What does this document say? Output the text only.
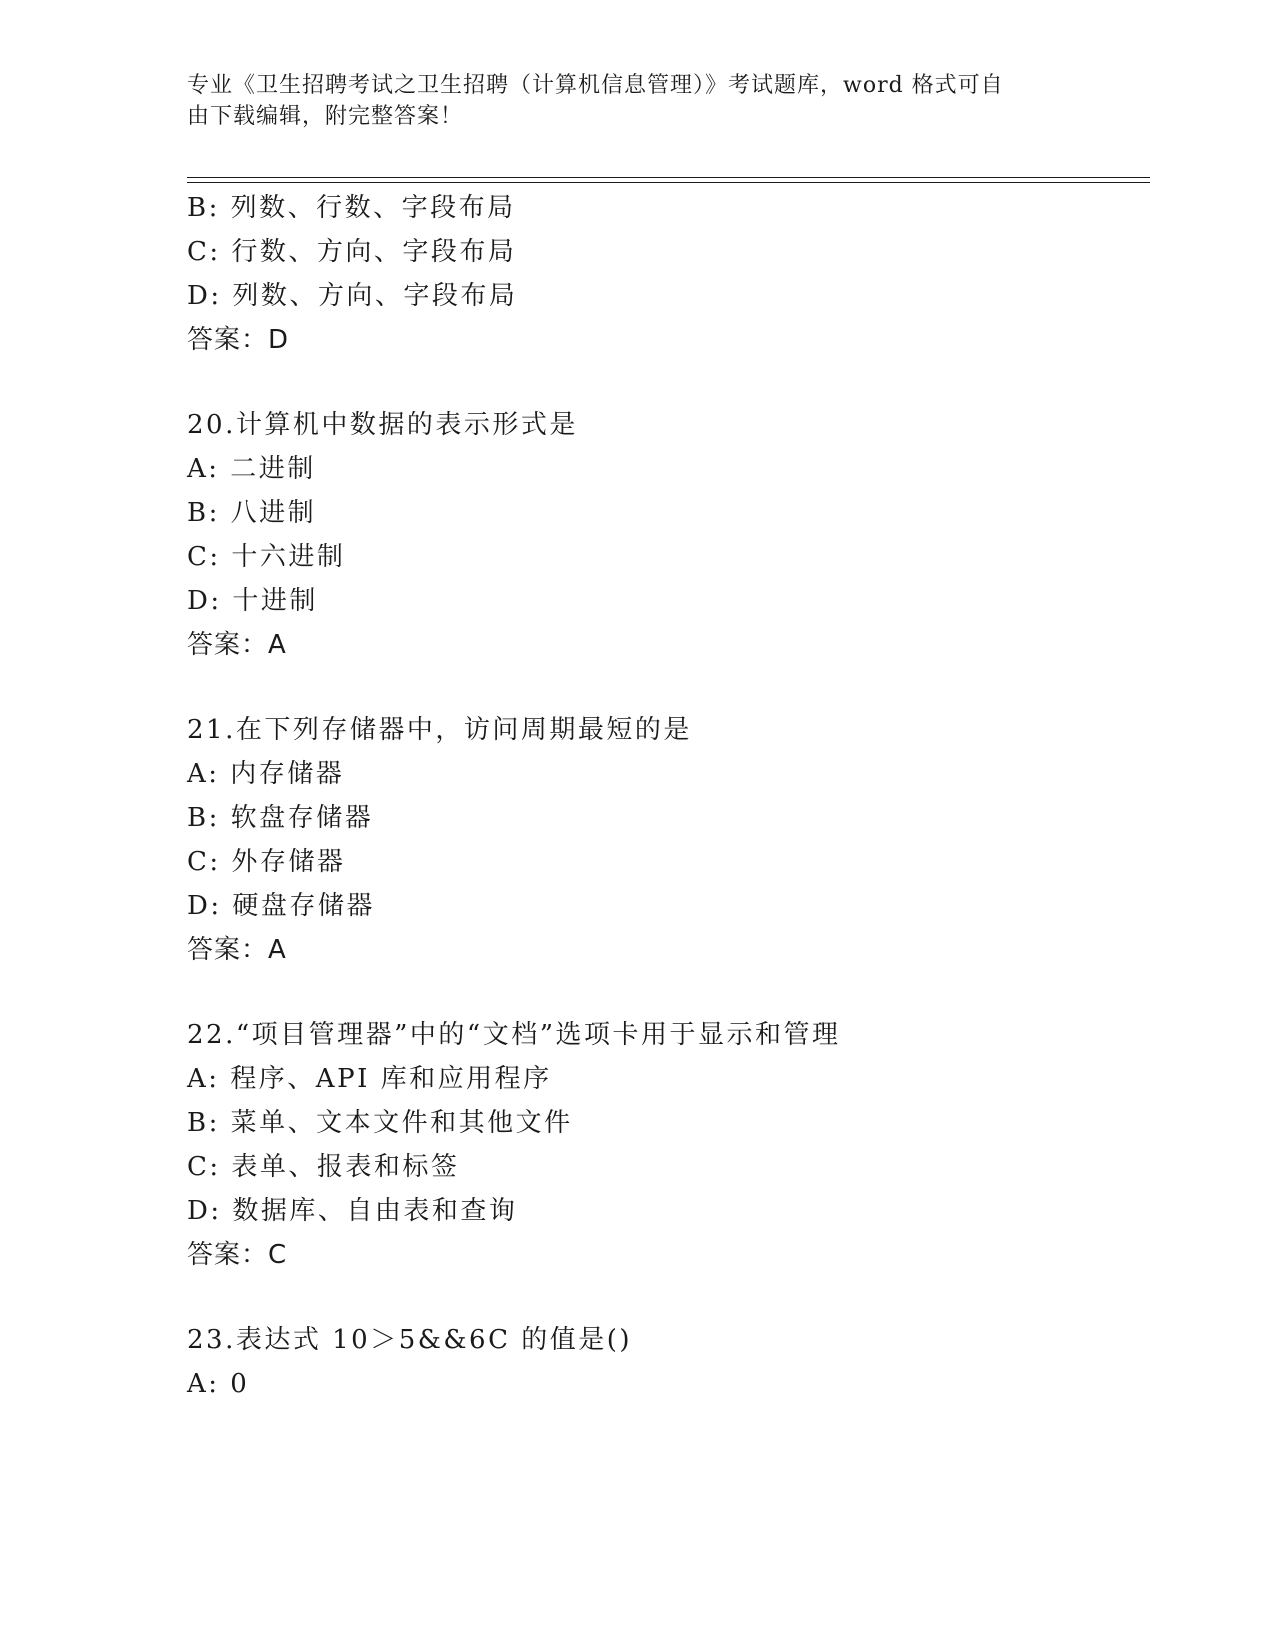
专业《卫生招聘考试之卫生招聘（计算机信息管理）》考试题库，word 格式可自
由下载编辑，附完整答案！
B: 列数、行数、字段布局
C: 行数、方向、字段布局
D: 列数、方向、字段布局
答案：D
20.计算机中数据的表示形式是
A: 二进制
B: 八进制
C: 十六进制
D: 十进制
答案：A
21.在下列存储器中，访问周期最短的是
A: 内存储器
B: 软盘存储器
C: 外存储器
D: 硬盘存储器
答案：A
22.“项目管理器”中的“文档”选项卡用于显示和管理
A: 程序、API 库和应用程序
B: 菜单、文本文件和其他文件
C: 表单、报表和标签
D: 数据库、自由表和查询
答案：C
23.表达式 10＞5&&6C 的值是()
A: 0
